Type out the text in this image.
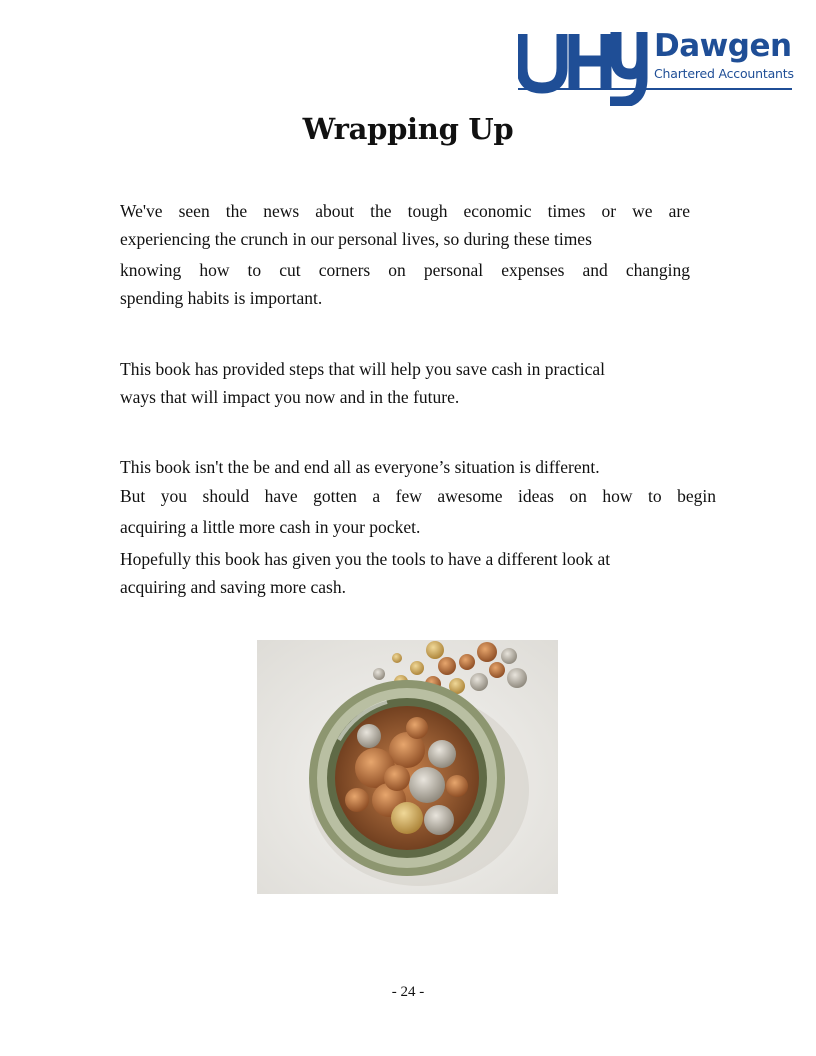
Dawgen
Chartered Accountants
Wrapping Up

We've seen the news about the tough economic times or we are
experiencing the crunch in our personal lives, so during these times
knowing how to cut corners on personal expenses and changing
spending habits is important.

This book has provided steps that will help you save cash in practical
ways that will impact you now and in the future.

This book isn't the be and end all as everyone’s situation is different.
But you should have gotten a few awesome ideas on how to begin
acquiring a little more cash in your pocket.

Hopefully this book has given you the tools to have a different look at
acquiring and saving more cash.

- 24 -
